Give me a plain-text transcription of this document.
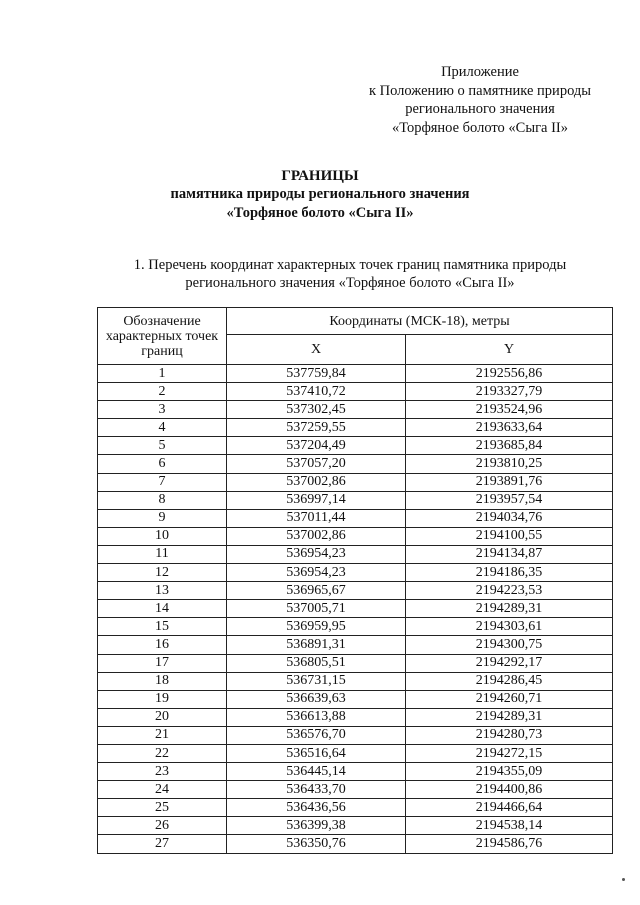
Приложение
к Положению о памятнике природы
регионального значения
«Торфяное болото «Сыга II»
ГРАНИЦЫ
памятника природы регионального значения
«Торфяное болото «Сыга II»
1. Перечень координат характерных точек границ памятника природы
регионального значения «Торфяное болото «Сыга II»
Обозначение характерных точек границ	Координаты (МСК-18), метры	
	X	Y
1	537759,84	2192556,86
2	537410,72	2193327,79
3	537302,45	2193524,96
4	537259,55	2193633,64
5	537204,49	2193685,84
6	537057,20	2193810,25
7	537002,86	2193891,76
8	536997,14	2193957,54
9	537011,44	2194034,76
10	537002,86	2194100,55
11	536954,23	2194134,87
12	536954,23	2194186,35
13	536965,67	2194223,53
14	537005,71	2194289,31
15	536959,95	2194303,61
16	536891,31	2194300,75
17	536805,51	2194292,17
18	536731,15	2194286,45
19	536639,63	2194260,71
20	536613,88	2194289,31
21	536576,70	2194280,73
22	536516,64	2194272,15
23	536445,14	2194355,09
24	536433,70	2194400,86
25	536436,56	2194466,64
26	536399,38	2194538,14
27	536350,76	2194586,76
